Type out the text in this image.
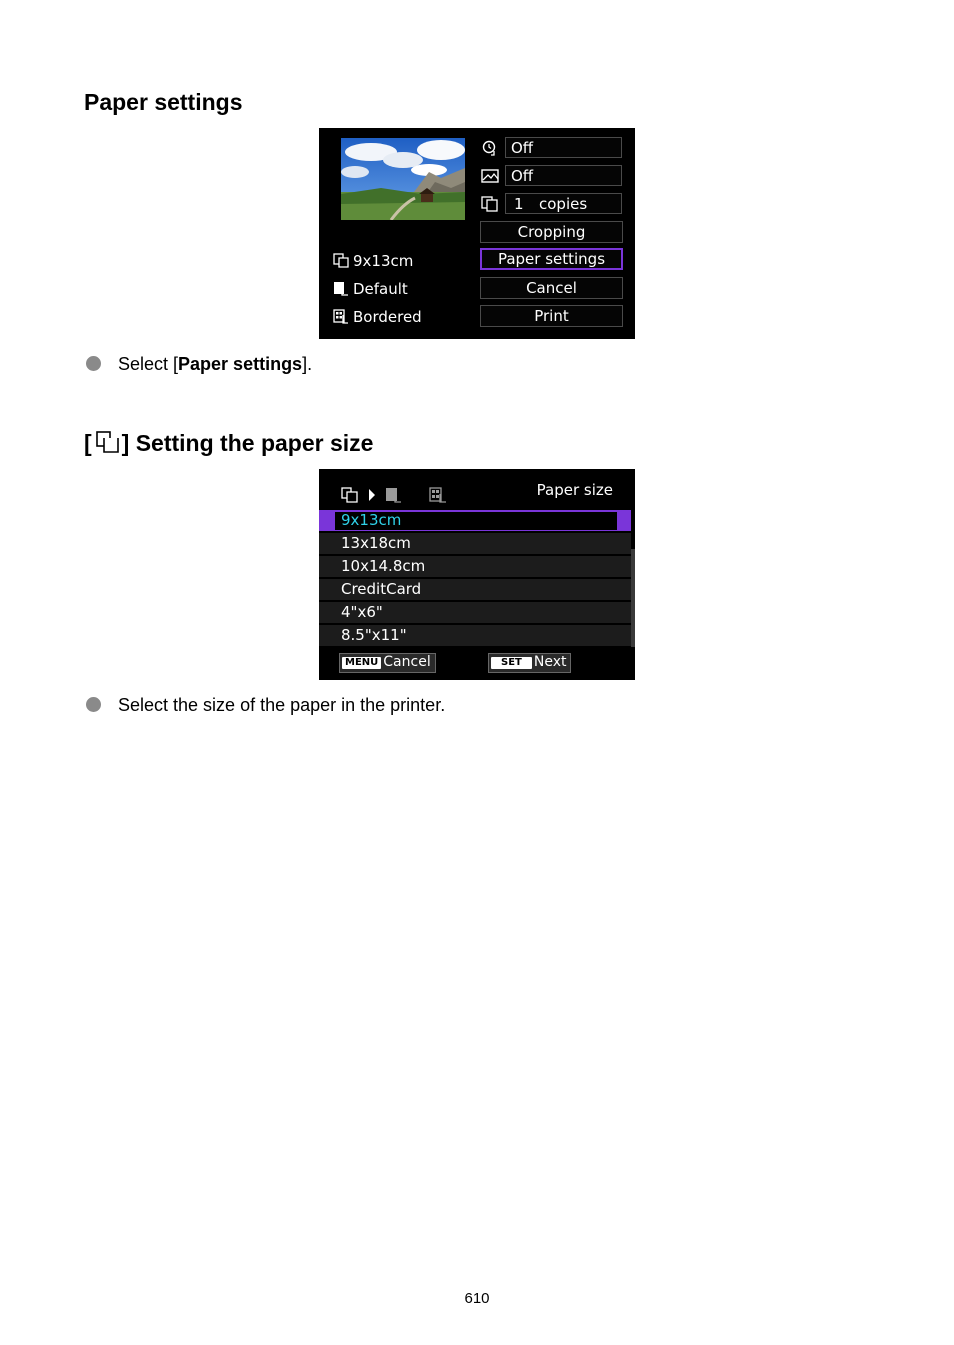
Paper settings
Off
Off
1 copies
Cropping
Paper settings
Cancel
Print
9x13cm
Default
Bordered
Select [Paper settings].
[ ] Setting the paper size
Paper size
9x13cm
13x18cm
10x14.8cm
CreditCard
4"x6"
8.5"x11"
MENU Cancel	SET Next
Select the size of the paper in the printer.
610
